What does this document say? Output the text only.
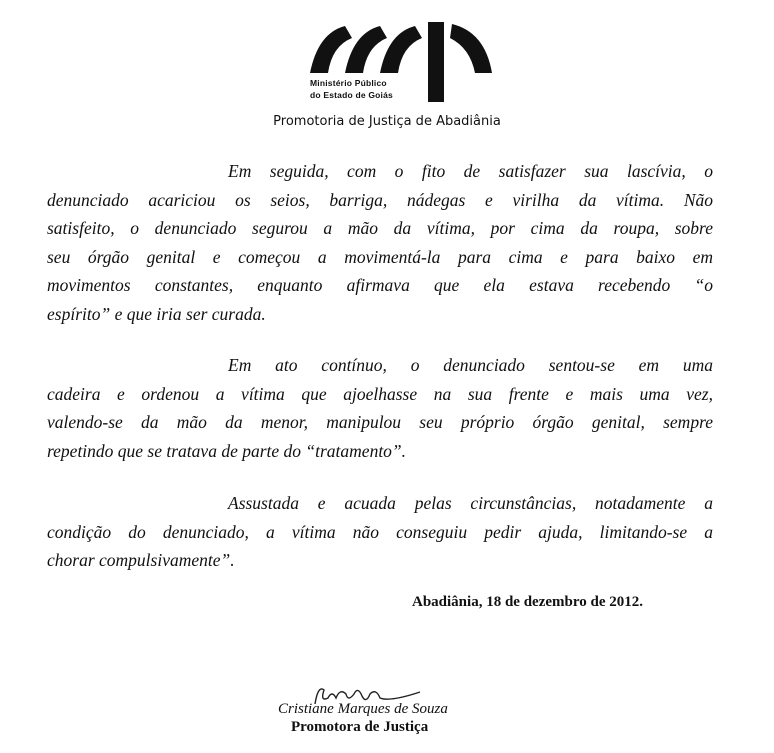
Ministério Público
do Estado de Goiás
Promotoria de Justiça de Abadiânia
Em seguida, com o fito de satisfazer sua lascívia, o
denunciado acariciou os seios, barriga, nádegas e virilha da vítima. Não
satisfeito, o denunciado segurou a mão da vítima, por cima da roupa, sobre
seu órgão genital e começou a movimentá-la para cima e para baixo em
movimentos constantes, enquanto afirmava que ela estava recebendo “o
espírito” e que iria ser curada.
Em ato contínuo, o denunciado sentou-se em uma
cadeira e ordenou a vítima que ajoelhasse na sua frente e mais uma vez,
valendo-se da mão da menor, manipulou seu próprio órgão genital, sempre
repetindo que se tratava de parte do “tratamento”.
Assustada e acuada pelas circunstâncias, notadamente a
condição do denunciado, a vítima não conseguiu pedir ajuda, limitando-se a
chorar compulsivamente”.
Abadiânia, 18 de dezembro de 2012.
Cristiane Marques de Souza
Promotora de Justiça
